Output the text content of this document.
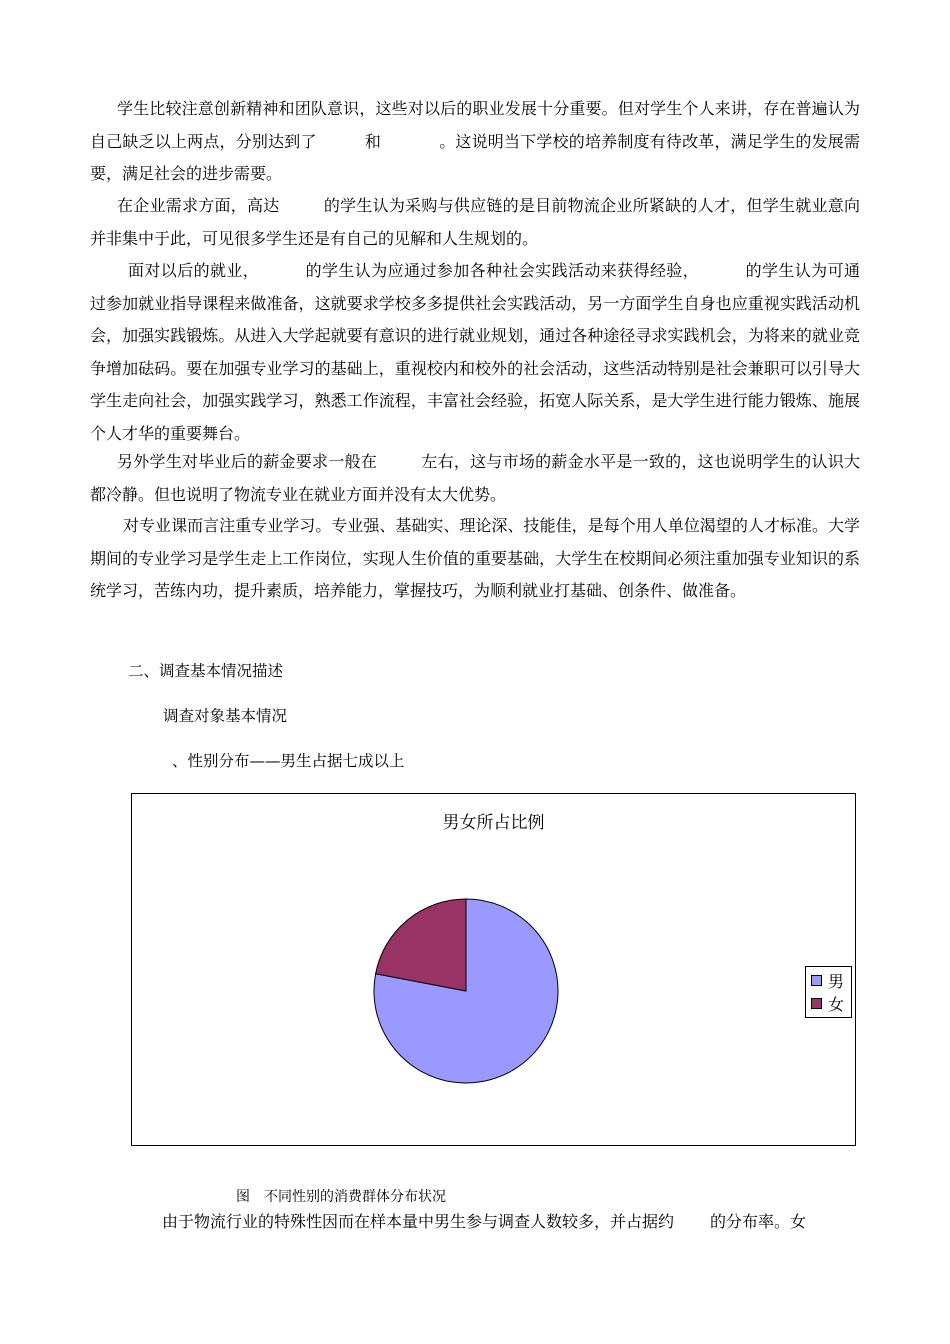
学生比较注意创新精神和团队意识，这些对以后的职业发展十分重要。但对学生个人来讲，存在普遍认为自己缺乏以上两点，分别达到了	和	。这说明当下学校的培养制度有待改革，满足学生的发展需要，满足社会的进步需要。

在企业需求方面，高达	的学生认为采购与供应链的是目前物流企业所紧缺的人才，但学生就业意向并非集中于此，可见很多学生还是有自己的见解和人生规划的。

面对以后的就业，	的学生认为应通过参加各种社会实践活动来获得经验，	的学生认为可通过参加就业指导课程来做准备，这就要求学校多多提供社会实践活动，另一方面学生自身也应重视实践活动机会，加强实践锻炼。从进入大学起就要有意识的进行就业规划，通过各种途径寻求实践机会，为将来的就业竞争增加砝码。要在加强专业学习的基础上，重视校内和校外的社会活动，这些活动特别是社会兼职可以引导大学生走向社会，加强实践学习，熟悉工作流程，丰富社会经验，拓宽人际关系，是大学生进行能力锻炼、施展个人才华的重要舞台。

另外学生对毕业后的薪金要求一般在	左右，这与市场的薪金水平是一致的，这也说明学生的认识大都冷静。但也说明了物流专业在就业方面并没有太大优势。

对专业课而言注重专业学习。专业强、基础实、理论深、技能佳，是每个用人单位渴望的人才标准。大学期间的专业学习是学生走上工作岗位，实现人生价值的重要基础，大学生在校期间必须注重加强专业知识的系统学习，苦练内功，提升素质，培养能力，掌握技巧，为顺利就业打基础、创条件、做准备。

二、调查基本情况描述

调查对象基本情况

、性别分布——男生占据七成以上

男女所占比例

男
女

图　不同性别的消费群体分布状况

由于物流行业的特殊性因而在样本量中男生参与调查人数较多，并占据约 的分布率。女
